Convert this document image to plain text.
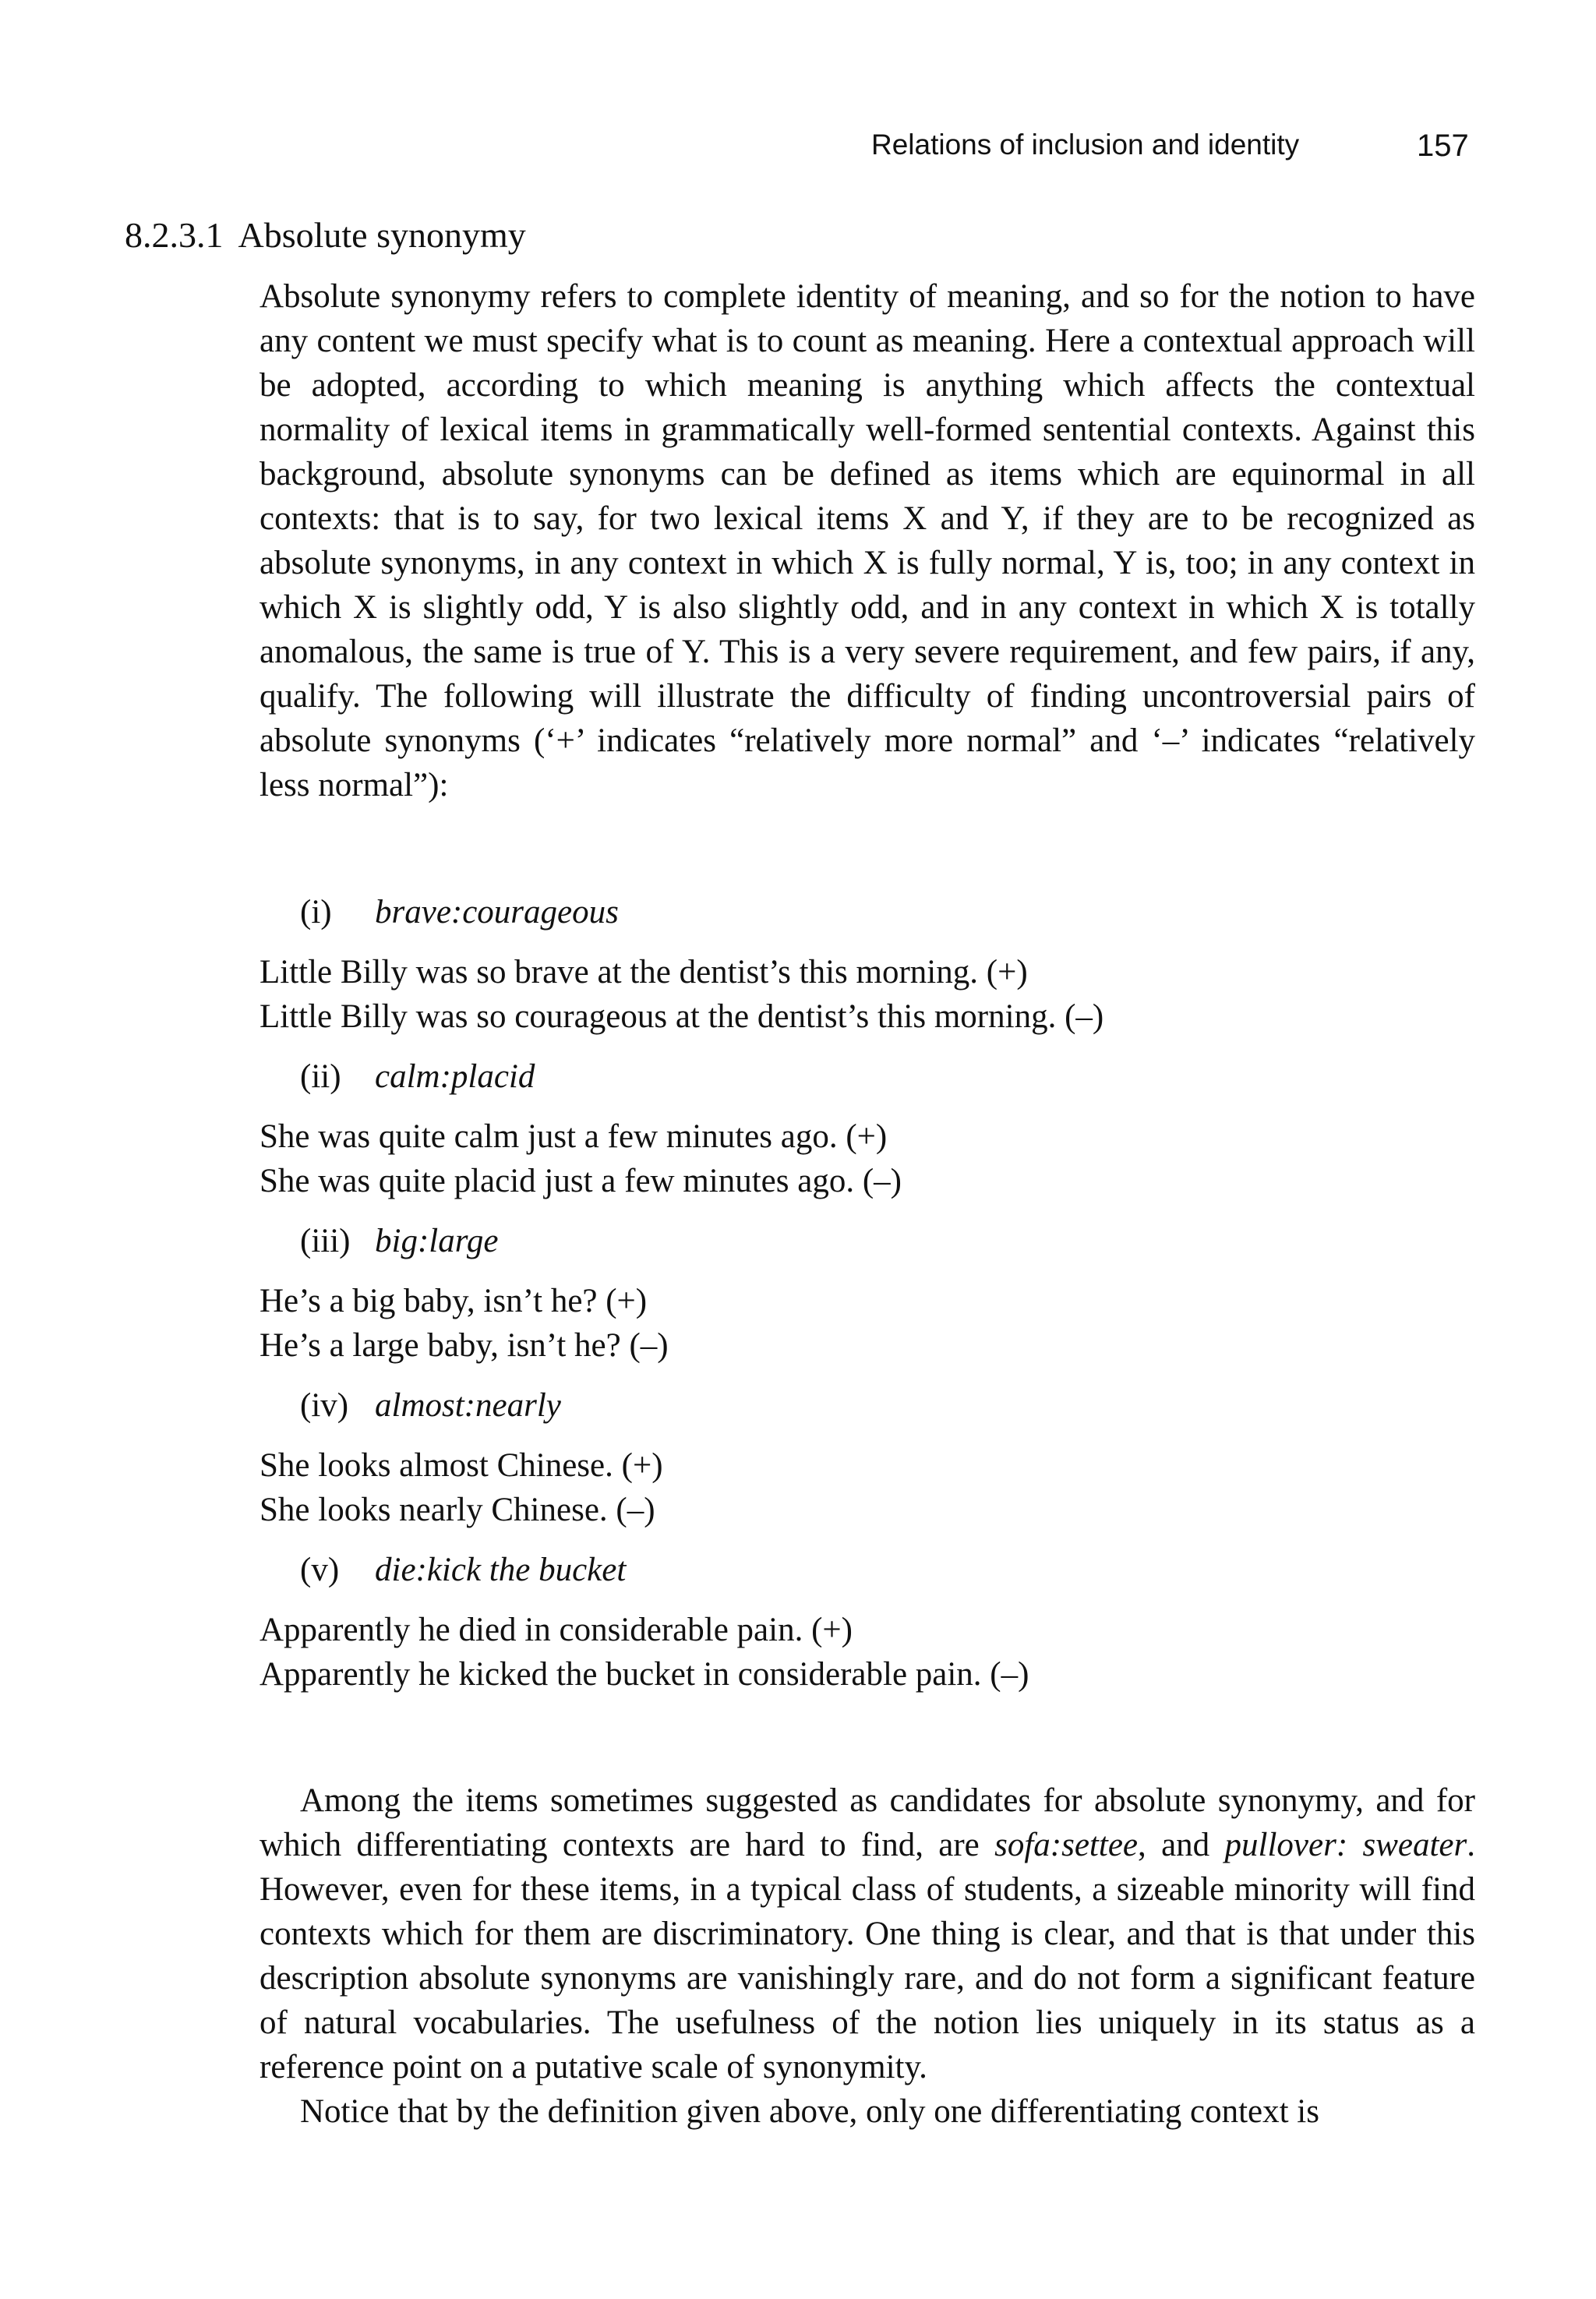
Relations of inclusion and identity	157
8.2.3.1 Absolute synonymy

Absolute synonymy refers to complete identity of meaning, and so for the notion to have any content we must specify what is to count as meaning. Here a contextual approach will be adopted, according to which meaning is anything which affects the contextual normality of lexical items in grammatically well-formed sentential contexts. Against this background, absolute synonyms can be defined as items which are equinormal in all contexts: that is to say, for two lexical items X and Y, if they are to be recognized as absolute synonyms, in any context in which X is fully normal, Y is, too; in any context in which X is slightly odd, Y is also slightly odd, and in any context in which X is totally anomalous, the same is true of Y. This is a very severe requirement, and few pairs, if any, qualify. The following will illustrate the difficulty of finding uncontroversial pairs of absolute synonyms (‘+’ indicates “relatively more normal” and ‘–’ indicates “relatively less normal”):

(i) brave:courageous

Little Billy was so brave at the dentist’s this morning. (+)

Little Billy was so courageous at the dentist’s this morning. (–)

(ii) calm:placid

She was quite calm just a few minutes ago. (+)

She was quite placid just a few minutes ago. (–)

(iii) big:large

He’s a big baby, isn’t he? (+)

He’s a large baby, isn’t he? (–)

(iv) almost:nearly

She looks almost Chinese. (+)

She looks nearly Chinese. (–)

(v) die:kick the bucket

Apparently he died in considerable pain. (+)

Apparently he kicked the bucket in considerable pain. (–)

Among the items sometimes suggested as candidates for absolute synonymy, and for which differentiating contexts are hard to find, are sofa:settee, and pullover: sweater. However, even for these items, in a typical class of students, a sizeable minority will find contexts which for them are discriminatory. One thing is clear, and that is that under this description absolute synonyms are vanishingly rare, and do not form a significant feature of natural vocabularies. The usefulness of the notion lies uniquely in its status as a reference point on a putative scale of synonymity.

Notice that by the definition given above, only one differentiating context is
